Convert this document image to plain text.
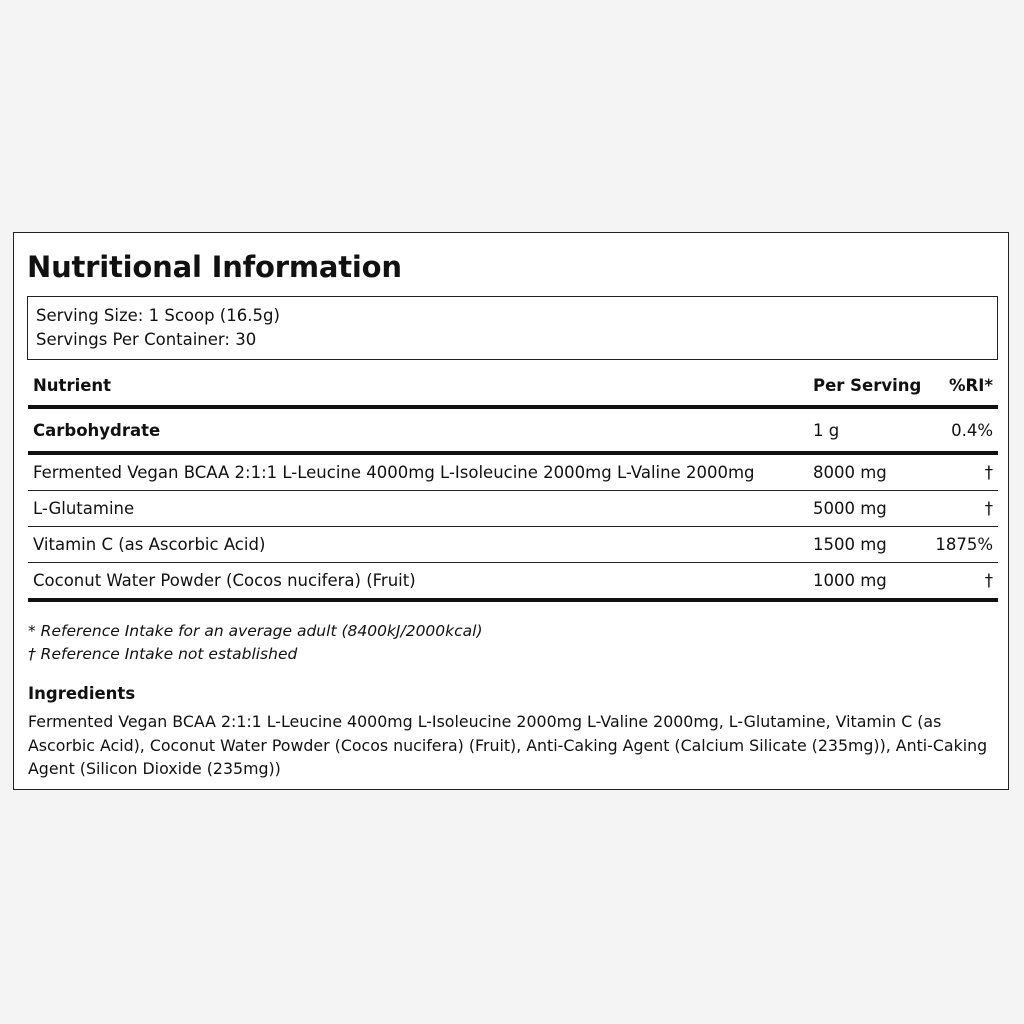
Nutritional Information
Serving Size: 1 Scoop (16.5g)
Servings Per Container: 30
Nutrient	Per Serving	%RI*
Carbohydrate	1 g	0.4%
Fermented Vegan BCAA 2:1:1 L-Leucine 4000mg L-Isoleucine 2000mg L-Valine 2000mg	8000 mg	†
L-Glutamine	5000 mg	†
Vitamin C (as Ascorbic Acid)	1500 mg	1875%
Coconut Water Powder (Cocos nucifera) (Fruit)	1000 mg	†
* Reference Intake for an average adult (8400kJ/2000kcal)
† Reference Intake not established
Ingredients

Fermented Vegan BCAA 2:1:1 L-Leucine 4000mg L-Isoleucine 2000mg L-Valine 2000mg, L-Glutamine, Vitamin C (as Ascorbic Acid), Coconut Water Powder (Cocos nucifera) (Fruit), Anti-Caking Agent (Calcium Silicate (235mg)), Anti-Caking Agent (Silicon Dioxide (235mg))
